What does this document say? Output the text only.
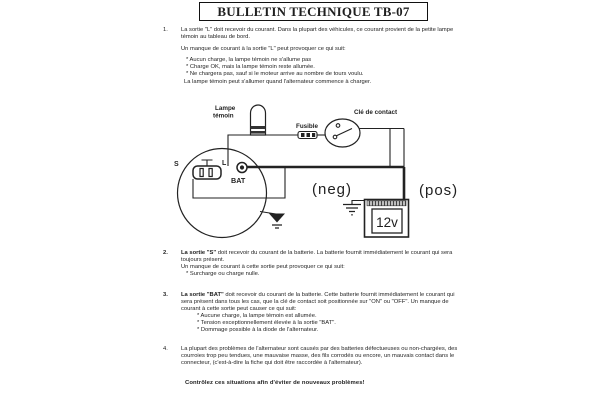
BULLETIN TECHNIQUE TB-07
1.	La sortie "L" doit recevoir du courant. Dans la plupart des véhicules, ce courant provient de la petite lampe témoin au tableau de bord.
Un manque de courant à la sortie "L" peut provoquer ce qui suit:
* Aucun charge, la lampe témoin ne s'allume pas
* Charge OK, mais la lampe témoin reste allumée.
* Ne chargera pas, sauf si le moteur arrive au nombre de tours voulu.
La lampe témoin peut s'allumer quand l'alternateur commence à charger.
S	L
BAT
Lampe
témoin
Fusible
Clé de contact
12v
(neg)	(pos)
2.	La sortie "S" doit recevoir du courant de la batterie. La batterie fournit immédiatement le courant qui sera toujours présent.
Un manque de courant à cette sortie peut provoquer ce qui suit:
* Surcharge ou charge nulle.
3.	La sortie "BAT" doit recevoir du courant de la batterie. Cette batterie fournit immédiatement le courant qui sera présent dans tous les cas, que la clé de contact soit positionnée sur "ON" ou "OFF". Un manque de courant à cette sortie peut causer ce qui suit:
* Aucune charge, la lampe témoin est allumée.
* Tension exceptionnellement élevée à la sortie "BAT".
* Dommage possible à la diode de l'alternateur.
4.	La plupart des problèmes de l'alternateur sont causés par des batteries défectueuses ou non-chargées, des courroies trop peu tendues, une mauvaise masse, des fils corrodés ou encore, un mauvais contact dans le connecteur, (c'est-à-dire la fiche qui doit être raccordée à l'alternateur).
Contrôlez ces situations afin d'éviter de nouveaux problèmes!
